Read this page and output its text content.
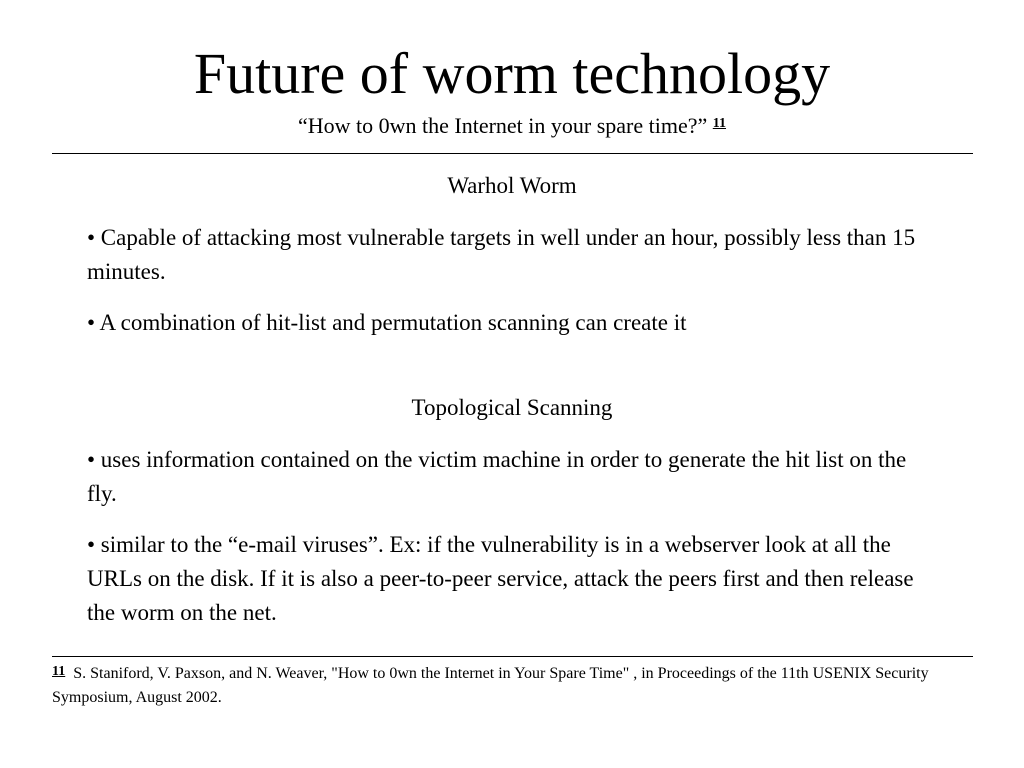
Future of worm technology
“How to 0wn the Internet in your spare time?” $^{11}$
Warhol Worm
• Capable of attacking most vulnerable targets in well under an hour, possibly less than 15 minutes.
• A combination of hit-list and permutation scanning can create it
Topological Scanning
• uses information contained on the victim machine in order to generate the hit list on the fly.
• similar to the “e-mail viruses”. Ex: if the vulnerability is in a webserver look at all the URLs on the disk. If it is also a peer-to-peer service, attack the peers first and then release the worm on the net.
$^{11}$ S. Staniford, V. Paxson, and N. Weaver, "How to 0wn the Internet in Your Spare Time" , in Proceedings of the 11th USENIX Security Symposium, August 2002.
